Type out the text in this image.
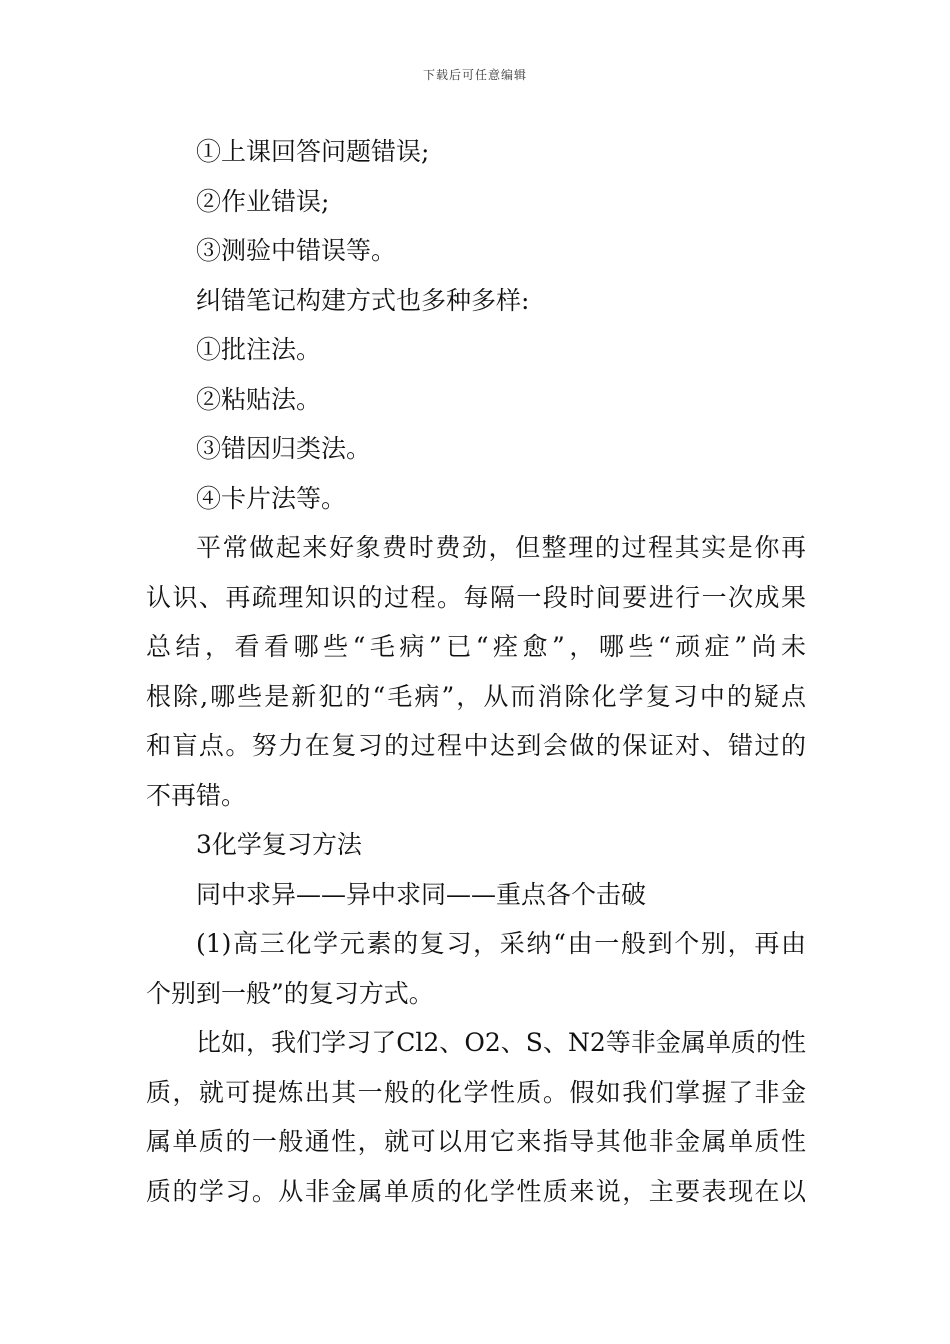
下载后可任意编辑
①上课回答问题错误;
②作业错误;
③测验中错误等。
纠错笔记构建方式也多种多样:
①批注法。
②粘贴法。
③错因归类法。
④卡片法等。
平常做起来好象费时费劲，但整理的过程其实是你再
认识、再疏理知识的过程。每隔一段时间要进行一次成果
总结，看看哪些“毛病”已“痊愈”，哪些“顽症”尚未
根除,哪些是新犯的“毛病”，从而消除化学复习中的疑点
和盲点。努力在复习的过程中达到会做的保证对、错过的
不再错。
3化学复习方法
同中求异——异中求同——重点各个击破
(1)高三化学元素的复习，采纳“由一般到个别，再由
个别到一般”的复习方式。
比如，我们学习了Cl2、O2、S、N2等非金属单质的性
质，就可提炼出其一般的化学性质。假如我们掌握了非金
属单质的一般通性，就可以用它来指导其他非金属单质性
质的学习。从非金属单质的化学性质来说，主要表现在以
